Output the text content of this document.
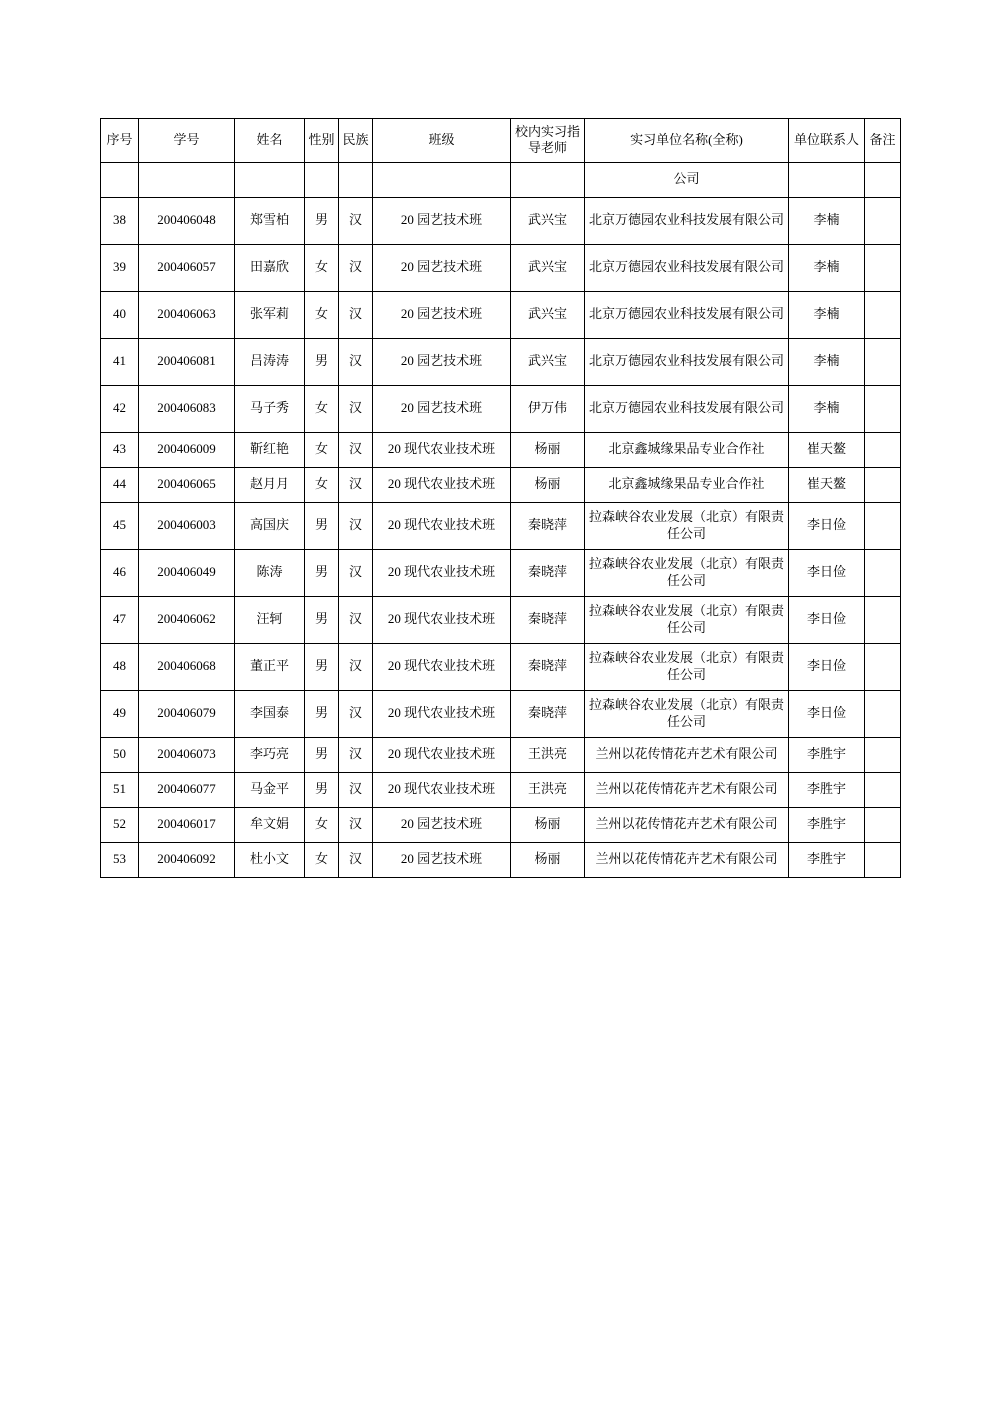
序号	学号	姓名	性别	民族	班级	校内实习指导老师	实习单位名称(全称)	单位联系人	备注
							公司		
38	200406048	郑雪柏	男	汉	20 园艺技术班	武兴宝	北京万德园农业科技发展有限公司	李楠	
39	200406057	田嘉欣	女	汉	20 园艺技术班	武兴宝	北京万德园农业科技发展有限公司	李楠	
40	200406063	张军莉	女	汉	20 园艺技术班	武兴宝	北京万德园农业科技发展有限公司	李楠	
41	200406081	吕涛涛	男	汉	20 园艺技术班	武兴宝	北京万德园农业科技发展有限公司	李楠	
42	200406083	马子秀	女	汉	20 园艺技术班	伊万伟	北京万德园农业科技发展有限公司	李楠	
43	200406009	靳红艳	女	汉	20 现代农业技术班	杨丽	北京鑫城缘果品专业合作社	崔天鳌	
44	200406065	赵月月	女	汉	20 现代农业技术班	杨丽	北京鑫城缘果品专业合作社	崔天鳌	
45	200406003	高国庆	男	汉	20 现代农业技术班	秦晓萍	拉森峡谷农业发展（北京）有限责任公司	李日俭	
46	200406049	陈涛	男	汉	20 现代农业技术班	秦晓萍	拉森峡谷农业发展（北京）有限责任公司	李日俭	
47	200406062	汪轲	男	汉	20 现代农业技术班	秦晓萍	拉森峡谷农业发展（北京）有限责任公司	李日俭	
48	200406068	董正平	男	汉	20 现代农业技术班	秦晓萍	拉森峡谷农业发展（北京）有限责任公司	李日俭	
49	200406079	李国泰	男	汉	20 现代农业技术班	秦晓萍	拉森峡谷农业发展（北京）有限责任公司	李日俭	
50	200406073	李巧亮	男	汉	20 现代农业技术班	王洪亮	兰州以花传情花卉艺术有限公司	李胜宇	
51	200406077	马金平	男	汉	20 现代农业技术班	王洪亮	兰州以花传情花卉艺术有限公司	李胜宇	
52	200406017	牟文娟	女	汉	20 园艺技术班	杨丽	兰州以花传情花卉艺术有限公司	李胜宇	
53	200406092	杜小文	女	汉	20 园艺技术班	杨丽	兰州以花传情花卉艺术有限公司	李胜宇	
